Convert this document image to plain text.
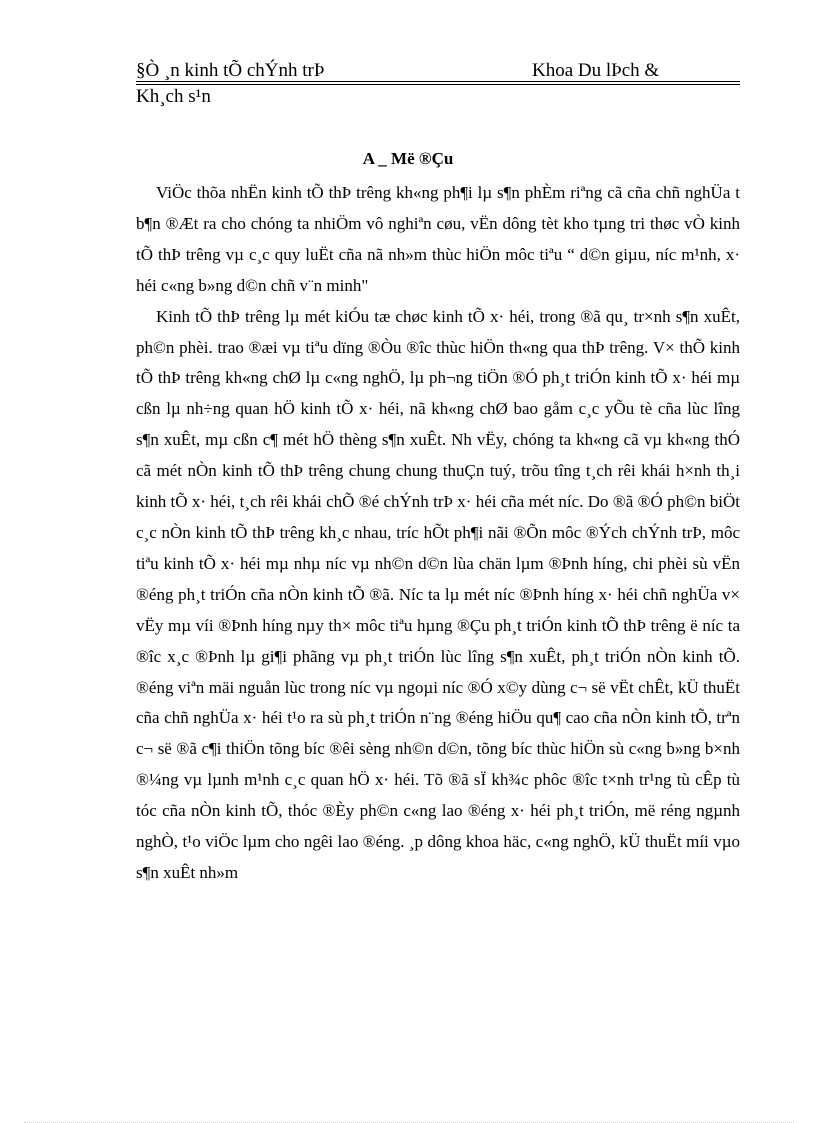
§Ò ¸n kinh tÕ chÝnh trÞ	Khoa Du lÞch &
Kh¸ch s¹n
A _ Më ®Çu

ViÖc thõa nhËn kinh tÕ thÞ trêng kh«ng ph¶i lµ s¶n phÈm riªng cã cña chñ nghÜa t b¶n ®Æt ra cho chóng ta nhiÖm vô nghiªn cøu, vËn dông tèt kho tµng tri thøc vÒ kinh tÕ thÞ trêng vµ c¸c quy luËt cña nã nh»m thùc hiÖn môc tiªu “ d©n giµu, níc m¹nh, x· héi c«ng b»ng d©n chñ v¨n minh"

Kinh tÕ thÞ trêng lµ mét kiÓu tæ chøc kinh tÕ x· héi, trong ®ã qu¸ tr×nh s¶n xuÊt, ph©n phèi. trao ®æi vµ tiªu dïng ®Òu ®îc thùc hiÖn th«ng qua thÞ trêng. V× thÕ kinh tÕ thÞ trêng kh«ng chØ lµ c«ng nghÖ, lµ ph¬ng tiÖn ®Ó ph¸t triÓn kinh tÕ x· héi mµ cßn lµ nh÷ng quan hÖ kinh tÕ x· héi, nã kh«ng chØ bao gåm c¸c yÕu tè cña lùc lîng s¶n xuÊt, mµ cßn c¶ mét hÖ thèng s¶n xuÊt. Nh vËy, chóng ta kh«ng cã vµ kh«ng thÓ cã mét nÒn kinh tÕ thÞ trêng chung chung thuÇn tuý, trõu tîng t¸ch rêi khái h×nh th¸i kinh tÕ x· héi, t¸ch rêi khái chÕ ®é chÝnh trÞ x· héi cña mét níc. Do ®ã ®Ó ph©n biÖt c¸c nÒn kinh tÕ thÞ trêng kh¸c nhau, tríc hÕt ph¶i nãi ®Õn môc ®Ých chÝnh trÞ, môc tiªu kinh tÕ x· héi mµ nhµ níc vµ nh©n d©n lùa chän lµm ®Þnh híng, chi phèi sù vËn ®éng ph¸t triÓn cña nÒn kinh tÕ ®ã. Níc ta lµ mét níc ®Þnh híng x· héi chñ nghÜa v× vËy mµ víi ®Þnh híng nµy th× môc tiªu hµng ®Çu ph¸t triÓn kinh tÕ thÞ trêng ë níc ta ®îc x¸c ®Þnh lµ gi¶i phãng vµ ph¸t triÓn lùc lîng s¶n xuÊt, ph¸t triÓn nÒn kinh tÕ. ®éng viªn mäi nguån lùc trong níc vµ ngoµi níc ®Ó x©y dùng c¬ së vËt chÊt, kÜ thuËt cña chñ nghÜa x· héi t¹o ra sù ph¸t triÓn n¨ng ®éng hiÖu qu¶ cao cña nÒn kinh tÕ, trªn c¬ së ®ã c¶i thiÖn tõng bíc ®êi sèng nh©n d©n, tõng bíc thùc hiÖn sù c«ng b»ng b×nh ®¼ng vµ lµnh m¹nh c¸c quan hÖ x· héi. Tõ ®ã sÏ kh¾c phôc ®îc t×nh tr¹ng tù cÊp tù tóc cña nÒn kinh tÕ, thóc ®Èy ph©n c«ng lao ®éng x· héi ph¸t triÓn, më réng ngµnh nghÒ, t¹o viÖc lµm cho ngêi lao ®éng. ¸p dông khoa häc, c«ng nghÖ, kÜ thuËt míi vµo s¶n xuÊt nh»m
